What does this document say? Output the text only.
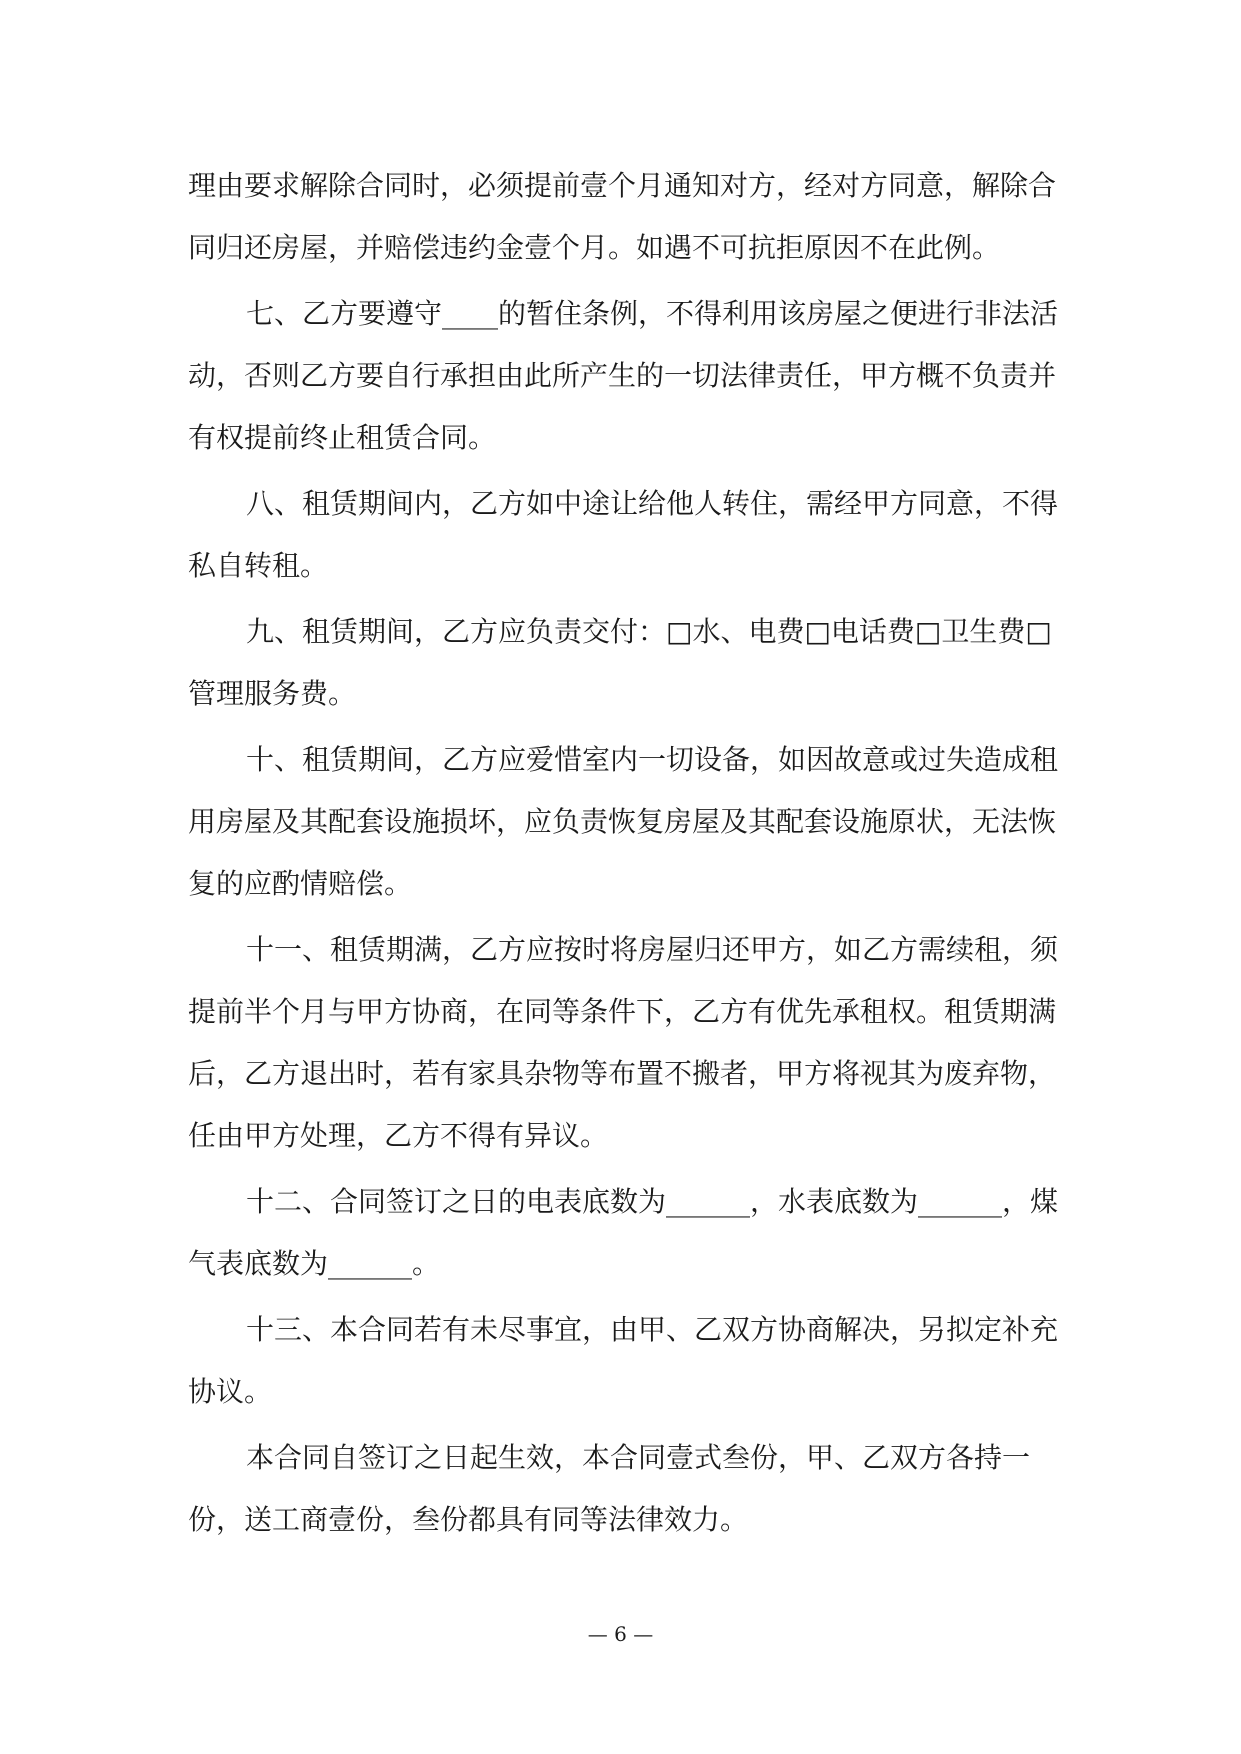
理由要求解除合同时，必须提前壹个月通知对方，经对方同意，解除合同归还房屋，并赔偿违约金壹个月。如遇不可抗拒原因不在此例。

七、乙方要遵守____的暂住条例，不得利用该房屋之便进行非法活动，否则乙方要自行承担由此所产生的一切法律责任，甲方概不负责并有权提前终止租赁合同。

八、租赁期间内，乙方如中途让给他人转住，需经甲方同意，不得私自转租。

九、租赁期间，乙方应负责交付：□水、电费□电话费□卫生费□管理服务费。

十、租赁期间，乙方应爱惜室内一切设备，如因故意或过失造成租用房屋及其配套设施损坏，应负责恢复房屋及其配套设施原状，无法恢复的应酌情赔偿。

十一、租赁期满，乙方应按时将房屋归还甲方，如乙方需续租，须提前半个月与甲方协商，在同等条件下，乙方有优先承租权。租赁期满后，乙方退出时，若有家具杂物等布置不搬者，甲方将视其为废弃物，任由甲方处理，乙方不得有异议。

十二、合同签订之日的电表底数为______，水表底数为______，煤气表底数为______。

十三、本合同若有未尽事宜，由甲、乙双方协商解决，另拟定补充协议。

本合同自签订之日起生效，本合同壹式叁份，甲、乙双方各持一份，送工商壹份，叁份都具有同等法律效力。

— 6 —
